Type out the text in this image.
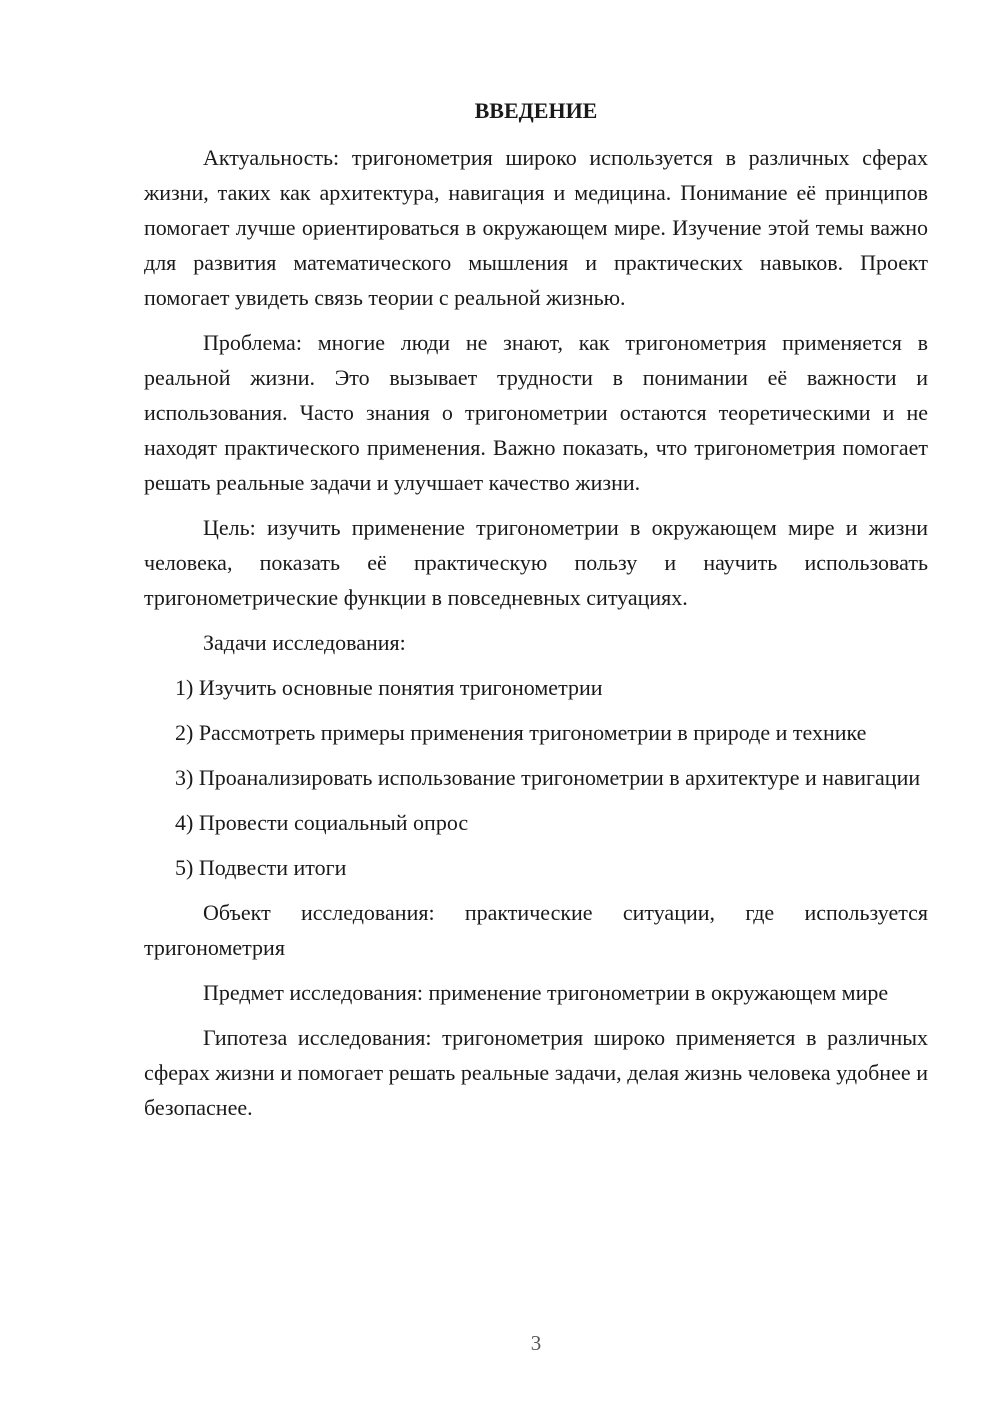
ВВЕДЕНИЕ

Актуальность: тригонометрия широко используется в различных сферах жизни, таких как архитектура, навигация и медицина. Понимание её принципов помогает лучше ориентироваться в окружающем мире. Изучение этой темы важно для развития математического мышления и практических навыков. Проект помогает увидеть связь теории с реальной жизнью.

Проблема: многие люди не знают, как тригонометрия применяется в реальной жизни. Это вызывает трудности в понимании её важности и использования. Часто знания о тригонометрии остаются теоретическими и не находят практического применения. Важно показать, что тригонометрия помогает решать реальные задачи и улучшает качество жизни.

Цель: изучить применение тригонометрии в окружающем мире и жизни человека, показать её практическую пользу и научить использовать тригонометрические функции в повседневных ситуациях.

Задачи исследования:

1) Изучить основные понятия тригонометрии

2) Рассмотреть примеры применения тригонометрии в природе и технике

3) Проанализировать использование тригонометрии в архитектуре и навигации

4) Провести социальный опрос

5) Подвести итоги

Объект исследования: практические ситуации, где используется тригонометрия

Предмет исследования: применение тригонометрии в окружающем мире

Гипотеза исследования: тригонометрия широко применяется в различных сферах жизни и помогает решать реальные задачи, делая жизнь человека удобнее и безопаснее.

3
